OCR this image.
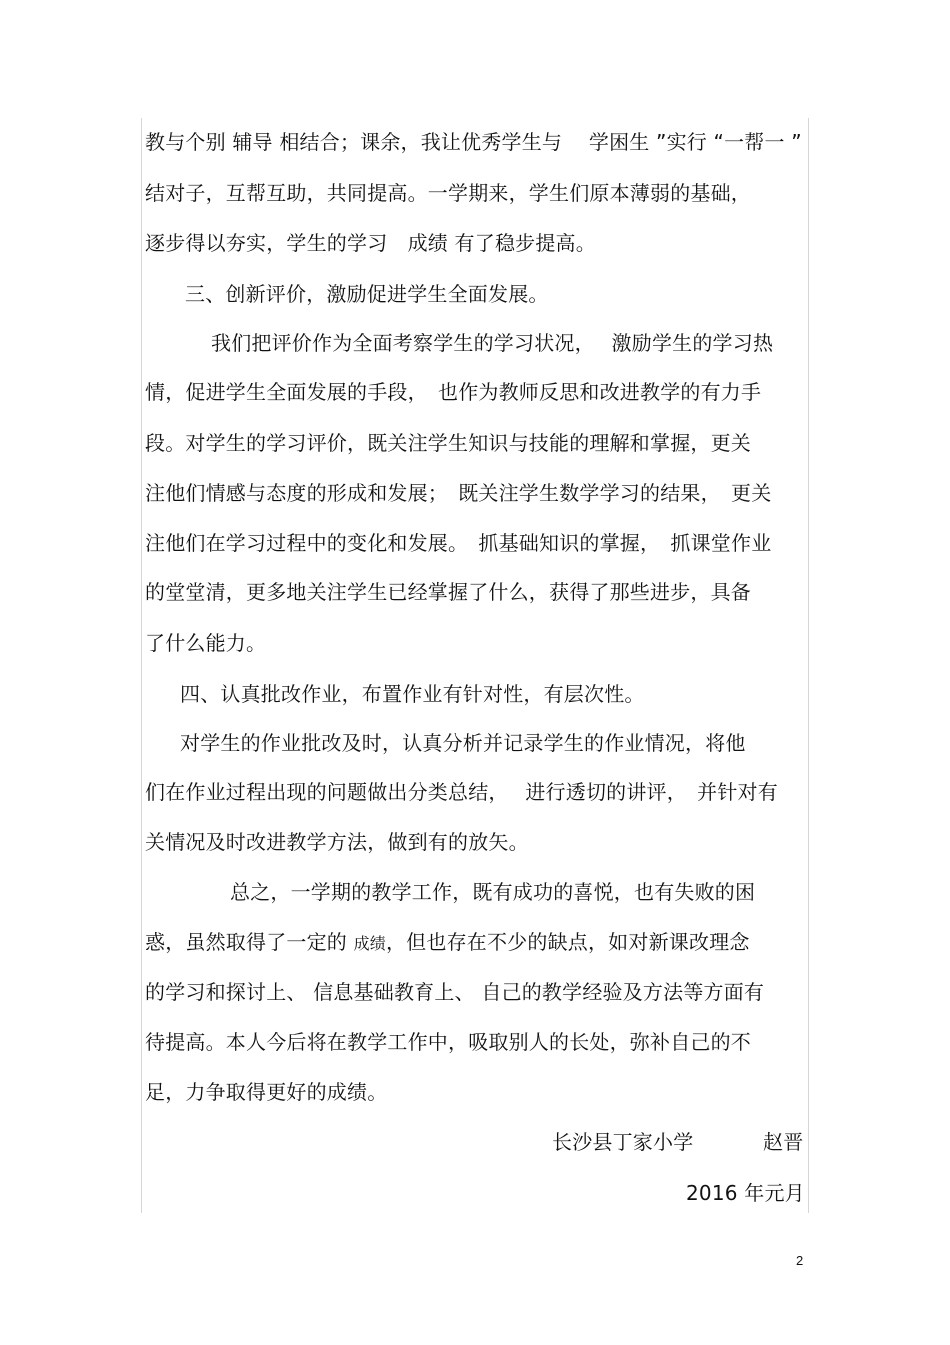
教与个别 辅导 相结合；课余，我让优秀学生与　 学困生 ”实行 “一帮一 ”
结对子，互帮互助，共同提高。一学期来，学生们原本薄弱的基础，
逐步得以夯实，学生的学习　成绩 有了稳步提高。
三、创新评价，激励促进学生全面发展。
我们把评价作为全面考察学生的学习状况，　 激励学生的学习热
情，促进学生全面发展的手段，　也作为教师反思和改进教学的有力手
段。对学生的学习评价，既关注学生知识与技能的理解和掌握，更关
注他们情感与态度的形成和发展；　既关注学生数学学习的结果，　更关
注他们在学习过程中的变化和发展。　抓基础知识的掌握，　抓课堂作业
的堂堂清，更多地关注学生已经掌握了什么，获得了那些进步，具备
了什么能力。
四、认真批改作业，布置作业有针对性，有层次性。
对学生的作业批改及时，认真分析并记录学生的作业情况，将他
们在作业过程出现的问题做出分类总结，　 进行透切的讲评，　并针对有
关情况及时改进教学方法，做到有的放矢。
总之，一学期的教学工作，既有成功的喜悦，也有失败的困
惑，虽然取得了一定的 成绩，但也存在不少的缺点，如对新课改理念
的学习和探讨上、 信息基础教育上、 自己的教学经验及方法等方面有
待提高。本人今后将在教学工作中，吸取别人的长处，弥补自己的不
足，力争取得更好的成绩。
长沙县丁家小学	赵晋
2016 年元月
2
